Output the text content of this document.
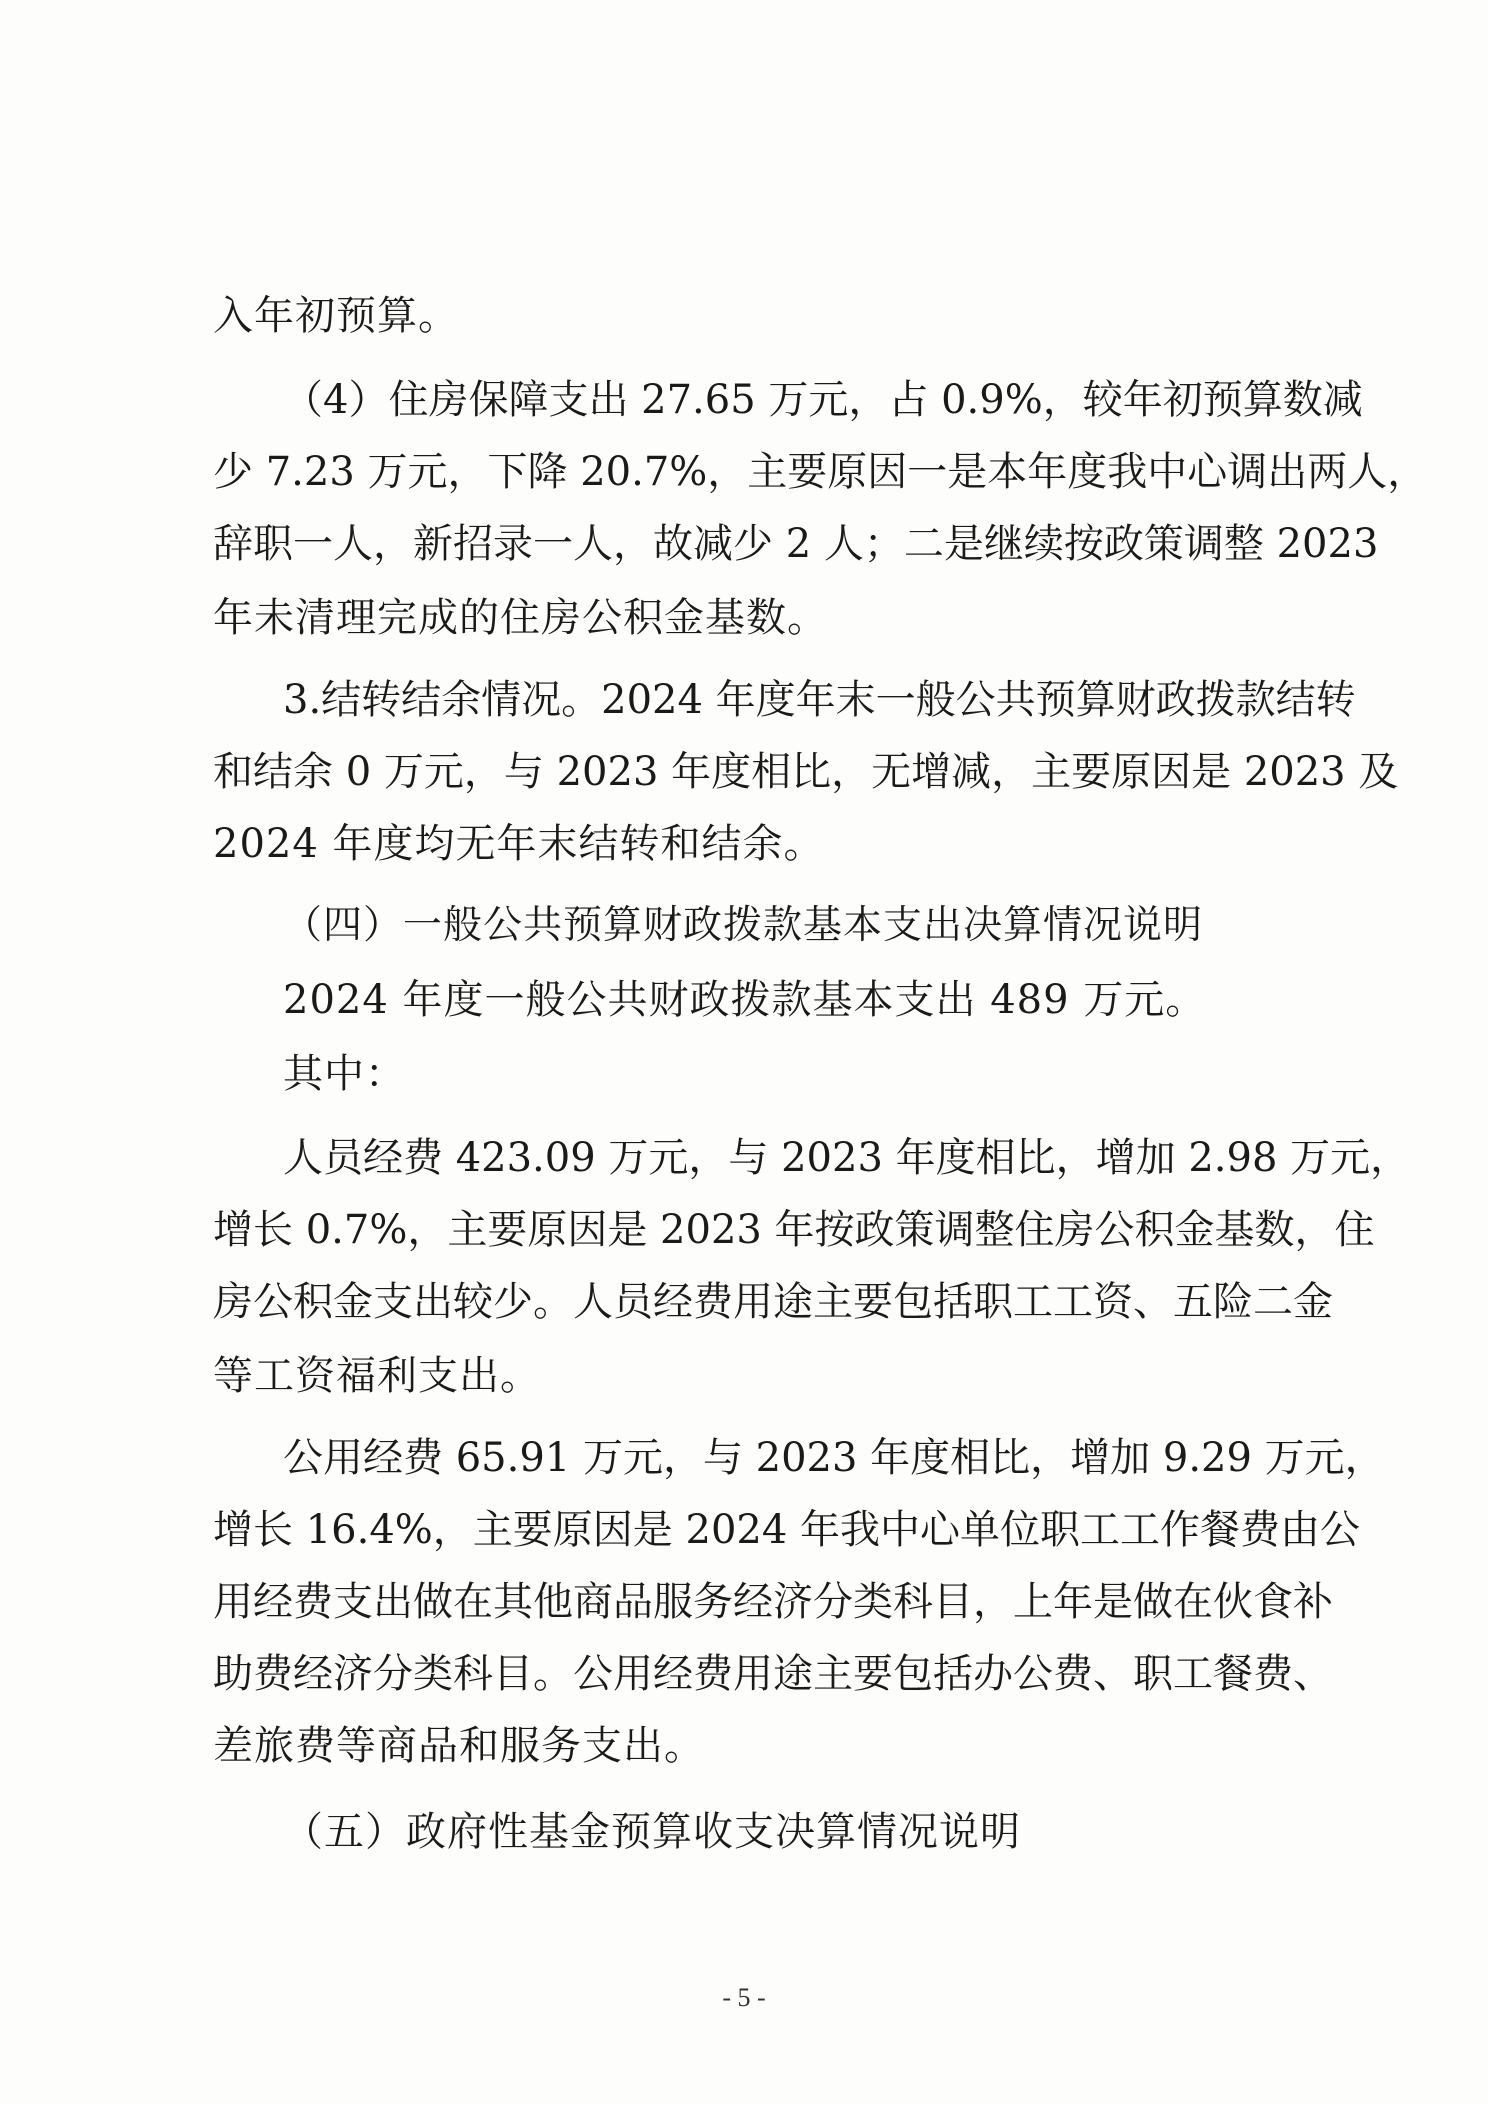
入年初预算。
（4）住房保障支出 27.65 万元，占 0.9%，较年初预算数减
少 7.23 万元，下降 20.7%，主要原因一是本年度我中心调出两人，
辞职一人，新招录一人，故减少 2 人；二是继续按政策调整 2023
年未清理完成的住房公积金基数。
3.结转结余情况。2024 年度年末一般公共预算财政拨款结转
和结余 0 万元，与 2023 年度相比，无增减，主要原因是 2023 及
2024 年度均无年末结转和结余。
（四）一般公共预算财政拨款基本支出决算情况说明
2024 年度一般公共财政拨款基本支出 489 万元。
其中：
人员经费 423.09 万元，与 2023 年度相比，增加 2.98 万元，
增长 0.7%，主要原因是 2023 年按政策调整住房公积金基数，住
房公积金支出较少。人员经费用途主要包括职工工资、五险二金
等工资福利支出。
公用经费 65.91 万元，与 2023 年度相比，增加 9.29 万元，
增长 16.4%，主要原因是 2024 年我中心单位职工工作餐费由公
用经费支出做在其他商品服务经济分类科目，上年是做在伙食补
助费经济分类科目。公用经费用途主要包括办公费、职工餐费、
差旅费等商品和服务支出。
（五）政府性基金预算收支决算情况说明
- 5 -
